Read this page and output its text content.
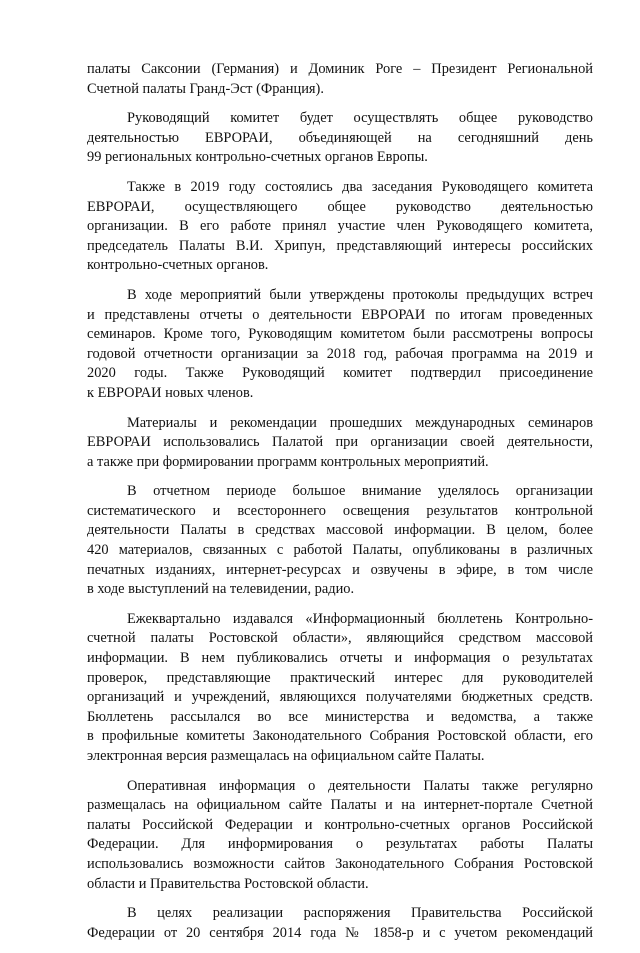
палаты Саксонии (Германия) и Доминик Роге – Президент Региональной
Счетной палаты Гранд-Эст (Франция).
Руководящий комитет будет осуществлять общее руководство
деятельностью ЕВРОРАИ, объединяющей на сегодняшний день
99 региональных контрольно-счетных органов Европы.
Также в 2019 году состоялись два заседания Руководящего комитета
ЕВРОРАИ, осуществляющего общее руководство деятельностью
организации. В его работе принял участие член Руководящего комитета,
председатель Палаты В.И. Хрипун, представляющий интересы российских
контрольно-счетных органов.
В ходе мероприятий были утверждены протоколы предыдущих встреч
и представлены отчеты о деятельности ЕВРОРАИ по итогам проведенных
семинаров. Кроме того, Руководящим комитетом были рассмотрены вопросы
годовой отчетности организации за 2018 год, рабочая программа на 2019 и
2020 годы. Также Руководящий комитет подтвердил присоединение
к ЕВРОРАИ новых членов.
Материалы и рекомендации прошедших международных семинаров
ЕВРОРАИ использовались Палатой при организации своей деятельности,
а также при формировании программ контрольных мероприятий.
В отчетном периоде большое внимание уделялось организации
систематического и всестороннего освещения результатов контрольной
деятельности Палаты в средствах массовой информации. В целом, более
420 материалов, связанных с работой Палаты, опубликованы в различных
печатных изданиях, интернет-ресурсах и озвучены в эфире, в том числе
в ходе выступлений на телевидении, радио.
Ежеквартально издавался «Информационный бюллетень Контрольно-
счетной палаты Ростовской области», являющийся средством массовой
информации. В нем публиковались отчеты и информация о результатах
проверок, представляющие практический интерес для руководителей
организаций и учреждений, являющихся получателями бюджетных средств.
Бюллетень рассылался во все министерства и ведомства, а также
в профильные комитеты Законодательного Собрания Ростовской области, его
электронная версия размещалась на официальном сайте Палаты.
Оперативная информация о деятельности Палаты также регулярно
размещалась на официальном сайте Палаты и на интернет-портале Счетной
палаты Российской Федерации и контрольно-счетных органов Российской
Федерации. Для информирования о результатах работы Палаты
использовались возможности сайтов Законодательного Собрания Ростовской
области и Правительства Ростовской области.
В целях реализации распоряжения Правительства Российской
Федерации от 20 сентября 2014 года № 1858-р и с учетом рекомендаций
